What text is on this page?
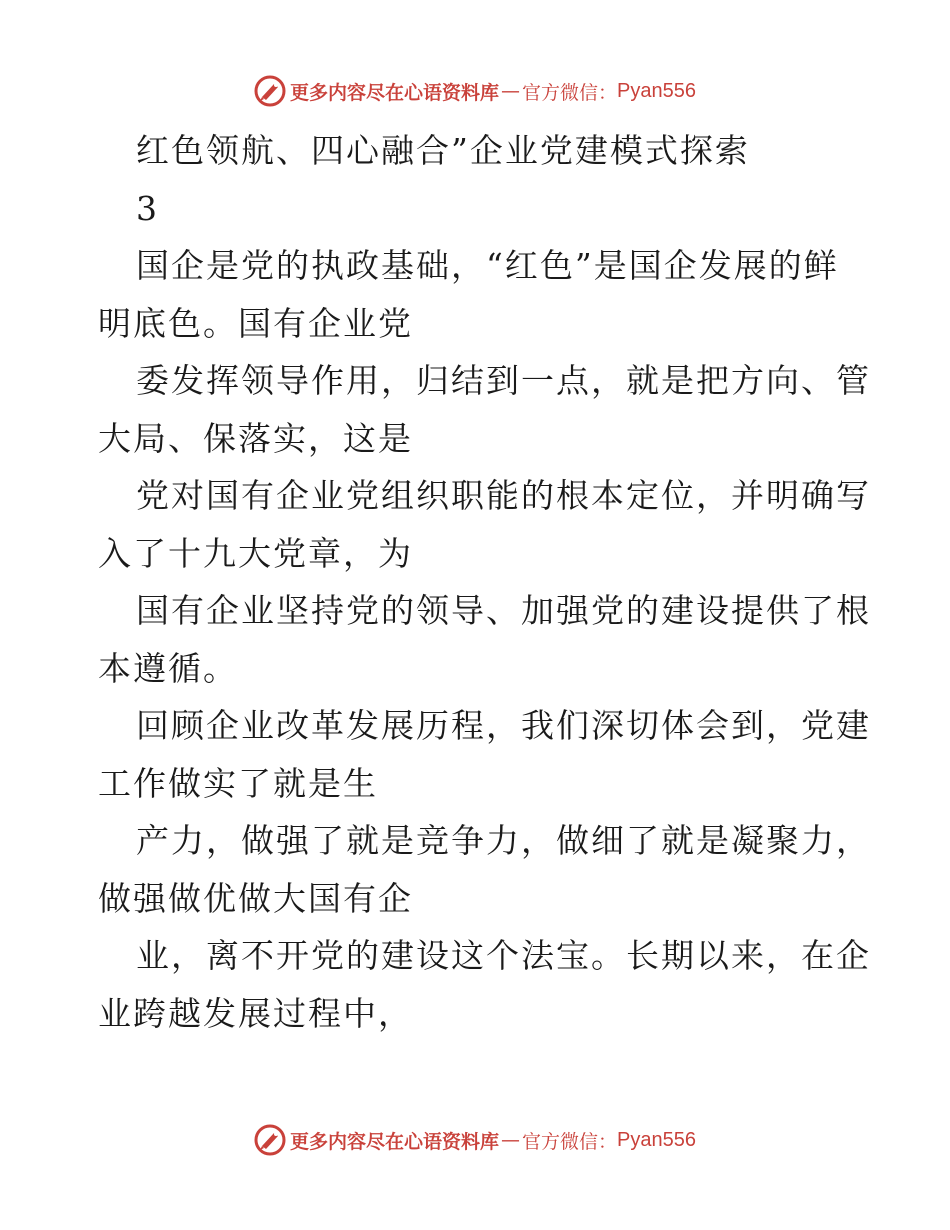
更多内容尽在心语资料库 — 官方微信： Pyan556
红色领航、四心融合”企业党建模式探索
3
国企是党的执政基础，“红色”是国企发展的鲜
明底色。国有企业党
委发挥领导作用，归结到一点，就是把方向、管
大局、保落实，这是
党对国有企业党组织职能的根本定位，并明确写
入了十九大党章，为
国有企业坚持党的领导、加强党的建设提供了根
本遵循。
回顾企业改革发展历程，我们深切体会到，党建
工作做实了就是生
产力，做强了就是竞争力，做细了就是凝聚力，
做强做优做大国有企
业，离不开党的建设这个法宝。长期以来，在企
业跨越发展过程中，
更多内容尽在心语资料库 — 官方微信： Pyan556
